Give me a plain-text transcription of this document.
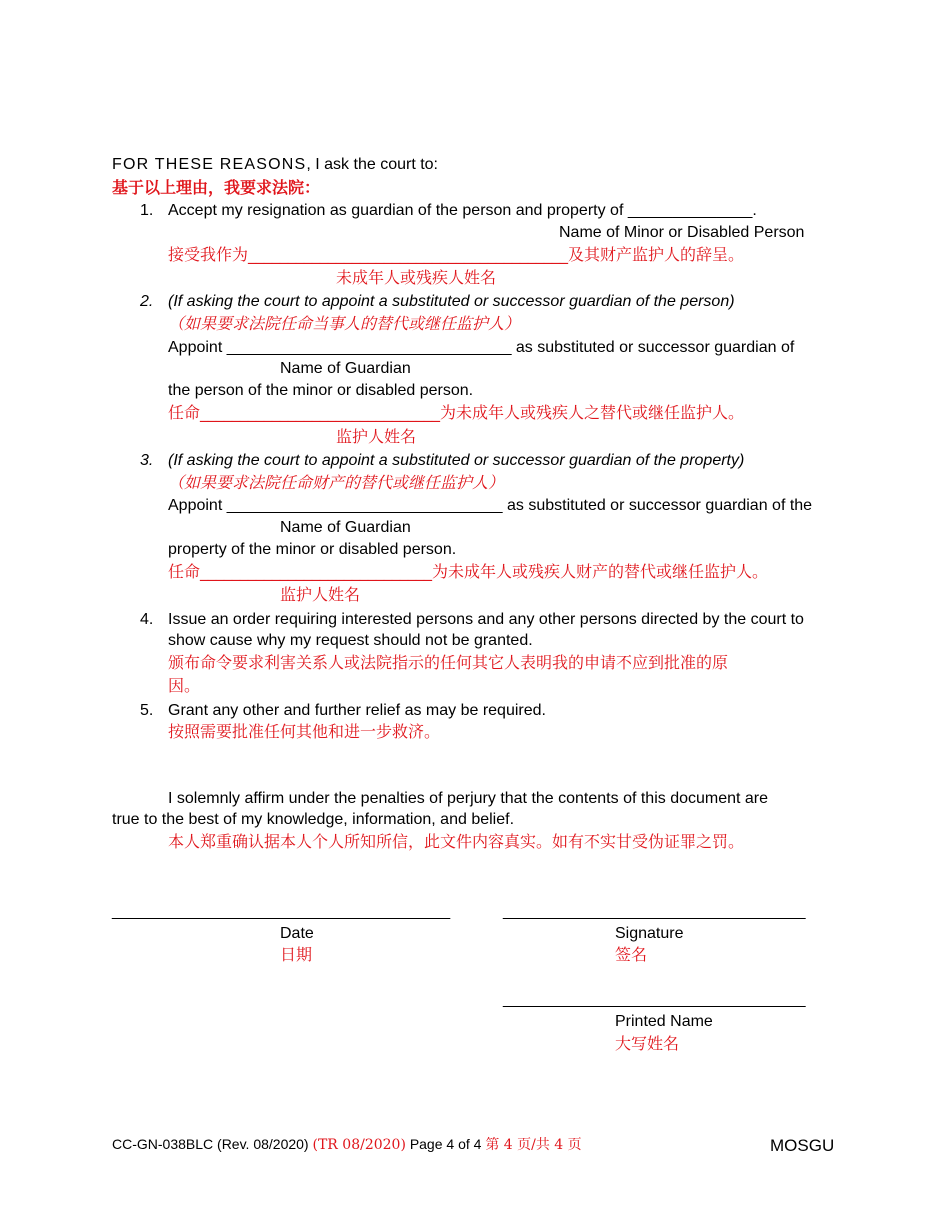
FOR THESE REASONS, I ask the court to:
基于以上理由，我要求法院：
1. Accept my resignation as guardian of the person and property of ______________.
Name of Minor or Disabled Person
接受我作为________________________________________及其财产监护人的辞呈。
未成年人或残疾人姓名
2. (If asking the court to appoint a substituted or successor guardian of the person)
（如果要求法院任命当事人的替代或继任监护人）
Appoint ________________________________ as substituted or successor guardian of
Name of Guardian
the person of the minor or disabled person.
任命______________________________为未成年人或残疾人之替代或继任监护人。
监护人姓名
3. (If asking the court to appoint a substituted or successor guardian of the property)
（如果要求法院任命财产的替代或继任监护人）
Appoint _______________________________ as substituted or successor guardian of the
Name of Guardian
property of the minor or disabled person.
任命_____________________________为未成年人或残疾人财产的替代或继任监护人。
监护人姓名
4. Issue an order requiring interested persons and any other persons directed by the court to
show cause why my request should not be granted.
颁布命令要求利害关系人或法院指示的任何其它人表明我的申请不应到批准的原
因。
5. Grant any other and further relief as may be required.
按照需要批准任何其他和进一步救济。
I solemnly affirm under the penalties of perjury that the contents of this document are
true to the best of my knowledge, information, and belief.
本人郑重确认据本人个人所知所信，此文件内容真实。如有不实甘受伪证罪之罚。
______________________________________
Date
日期
__________________________________
Signature
签名
__________________________________
Printed Name
大写姓名
CC-GN-038BLC (Rev. 08/2020) (TR 08/2020) Page 4 of 4 第 4 页/共 4 页	MOSGU
